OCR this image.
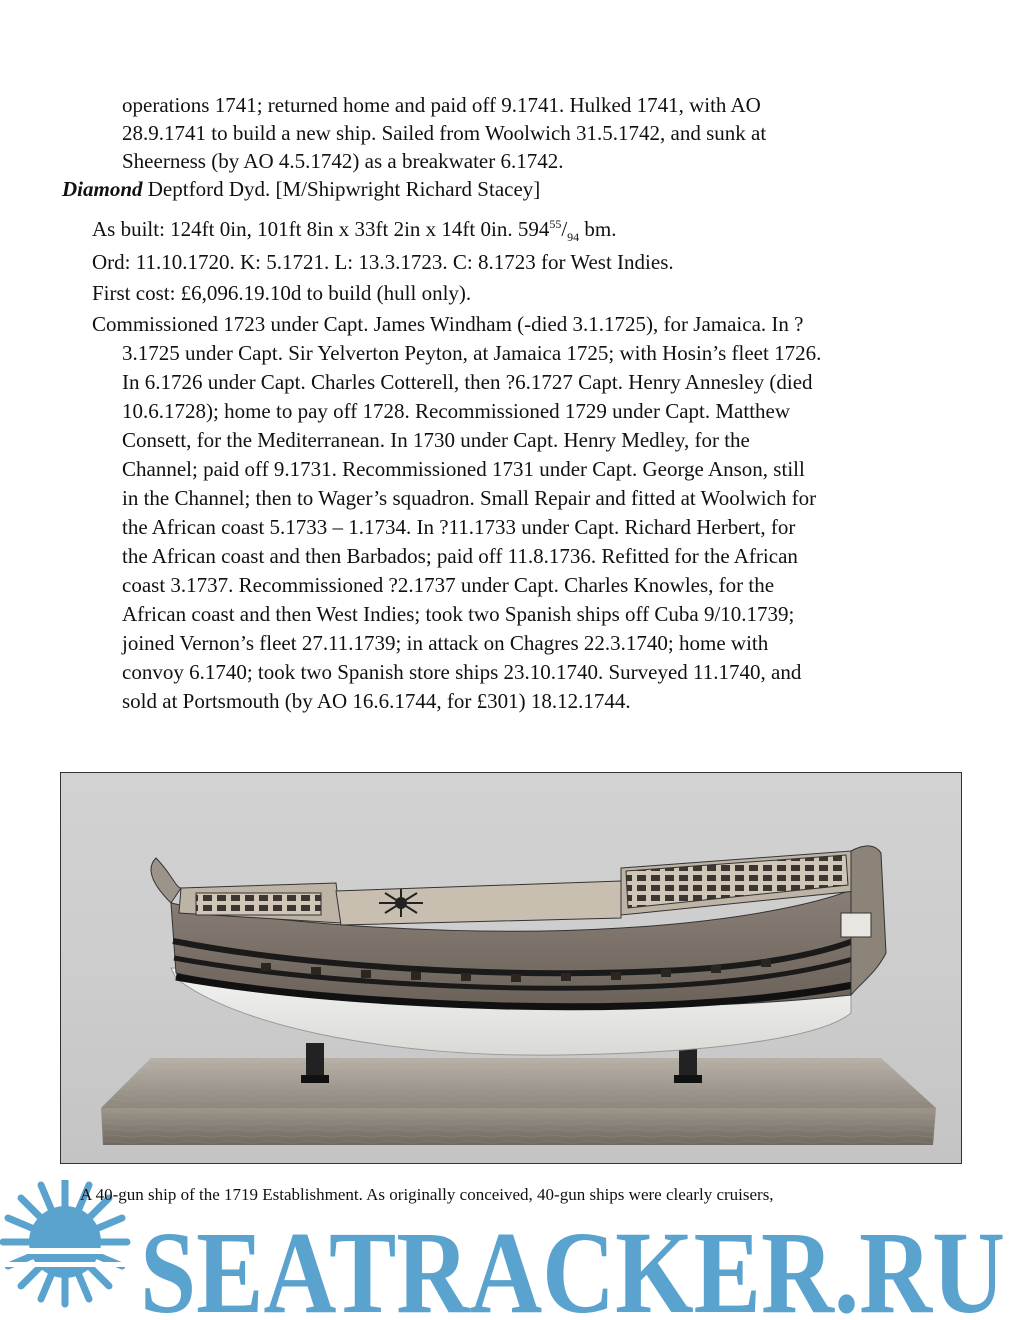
operations 1741; returned home and paid off 9.1741. Hulked 1741, with AO
28.9.1741 to build a new ship. Sailed from Woolwich 31.5.1742, and sunk at
Sheerness (by AO 4.5.1742) as a breakwater 6.1742.
Diamond Deptford Dyd. [M/Shipwright Richard Stacey]
As built: 124ft 0in, 101ft 8in x 33ft 2in x 14ft 0in. $594^{55}/_{94}$ bm.
Ord: 11.10.1720. K: 5.1721. L: 13.3.1723. C: 8.1723 for West Indies.
First cost: £6,096.19.10d to build (hull only).
Commissioned 1723 under Capt. James Windham (-died 3.1.1725), for Jamaica. In ?
3.1725 under Capt. Sir Yelverton Peyton, at Jamaica 1725; with Hosin’s fleet 1726.
In 6.1726 under Capt. Charles Cotterell, then ?6.1727 Capt. Henry Annesley (died
10.6.1728); home to pay off 1728. Recommissioned 1729 under Capt. Matthew
Consett, for the Mediterranean. In 1730 under Capt. Henry Medley, for the
Channel; paid off 9.1731. Recommissioned 1731 under Capt. George Anson, still
in the Channel; then to Wager’s squadron. Small Repair and fitted at Woolwich for
the African coast 5.1733 – 1.1734. In ?11.1733 under Capt. Richard Herbert, for
the African coast and then Barbados; paid off 11.8.1736. Refitted for the African
coast 3.1737. Recommissioned ?2.1737 under Capt. Charles Knowles, for the
African coast and then West Indies; took two Spanish ships off Cuba 9/10.1739;
joined Vernon’s fleet 27.11.1739; in attack on Chagres 22.3.1740; home with
convoy 6.1740; took two Spanish store ships 23.10.1740. Surveyed 11.1740, and
sold at Portsmouth (by AO 16.6.1744, for £301) 18.12.1744.
A 40-gun ship of the 1719 Establishment. As originally conceived, 40-gun ships were clearly cruisers,
SEATRACKER.RU
